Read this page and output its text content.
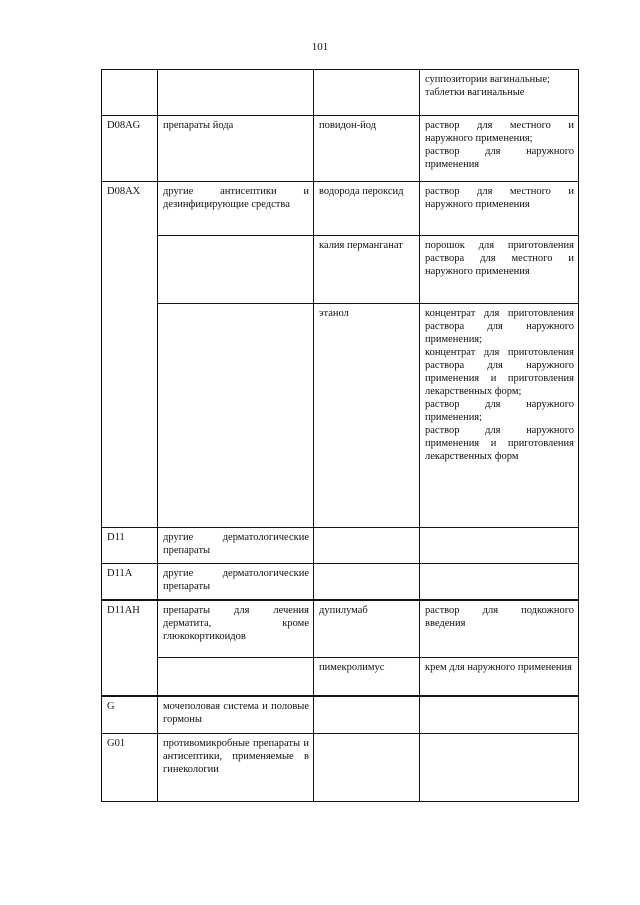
101

			суппозитории вагинальные;
таблетки вагинальные

D08AG	препараты йода	повидон-йод	раствор для местного и наружного применения;
раствор для наружного применения

D08AX	другие антисептики и дезинфицирующие средства	водорода пероксид	раствор для местного и наружного применения

		калия перманганат	порошок для приготовления раствора для местного и наружного применения

		этанол	концентрат для приготовления раствора для наружного применения;
концентрат для приготовления раствора для наружного применения и приготовления лекарственных форм;
раствор для наружного применения;
раствор для наружного применения и приготовления лекарственных форм

D11	другие дерматологические препараты		
D11A	другие дерматологические препараты		
D11AH	препараты для лечения дерматита, кроме глюкокортикоидов	дупилумаб	раствор для подкожного введения

		пимекролимус	крем для наружного применения

G	мочеполовая система и половые гормоны		
G01	противомикробные препараты и антисептики, применяемые в гинекологии		
